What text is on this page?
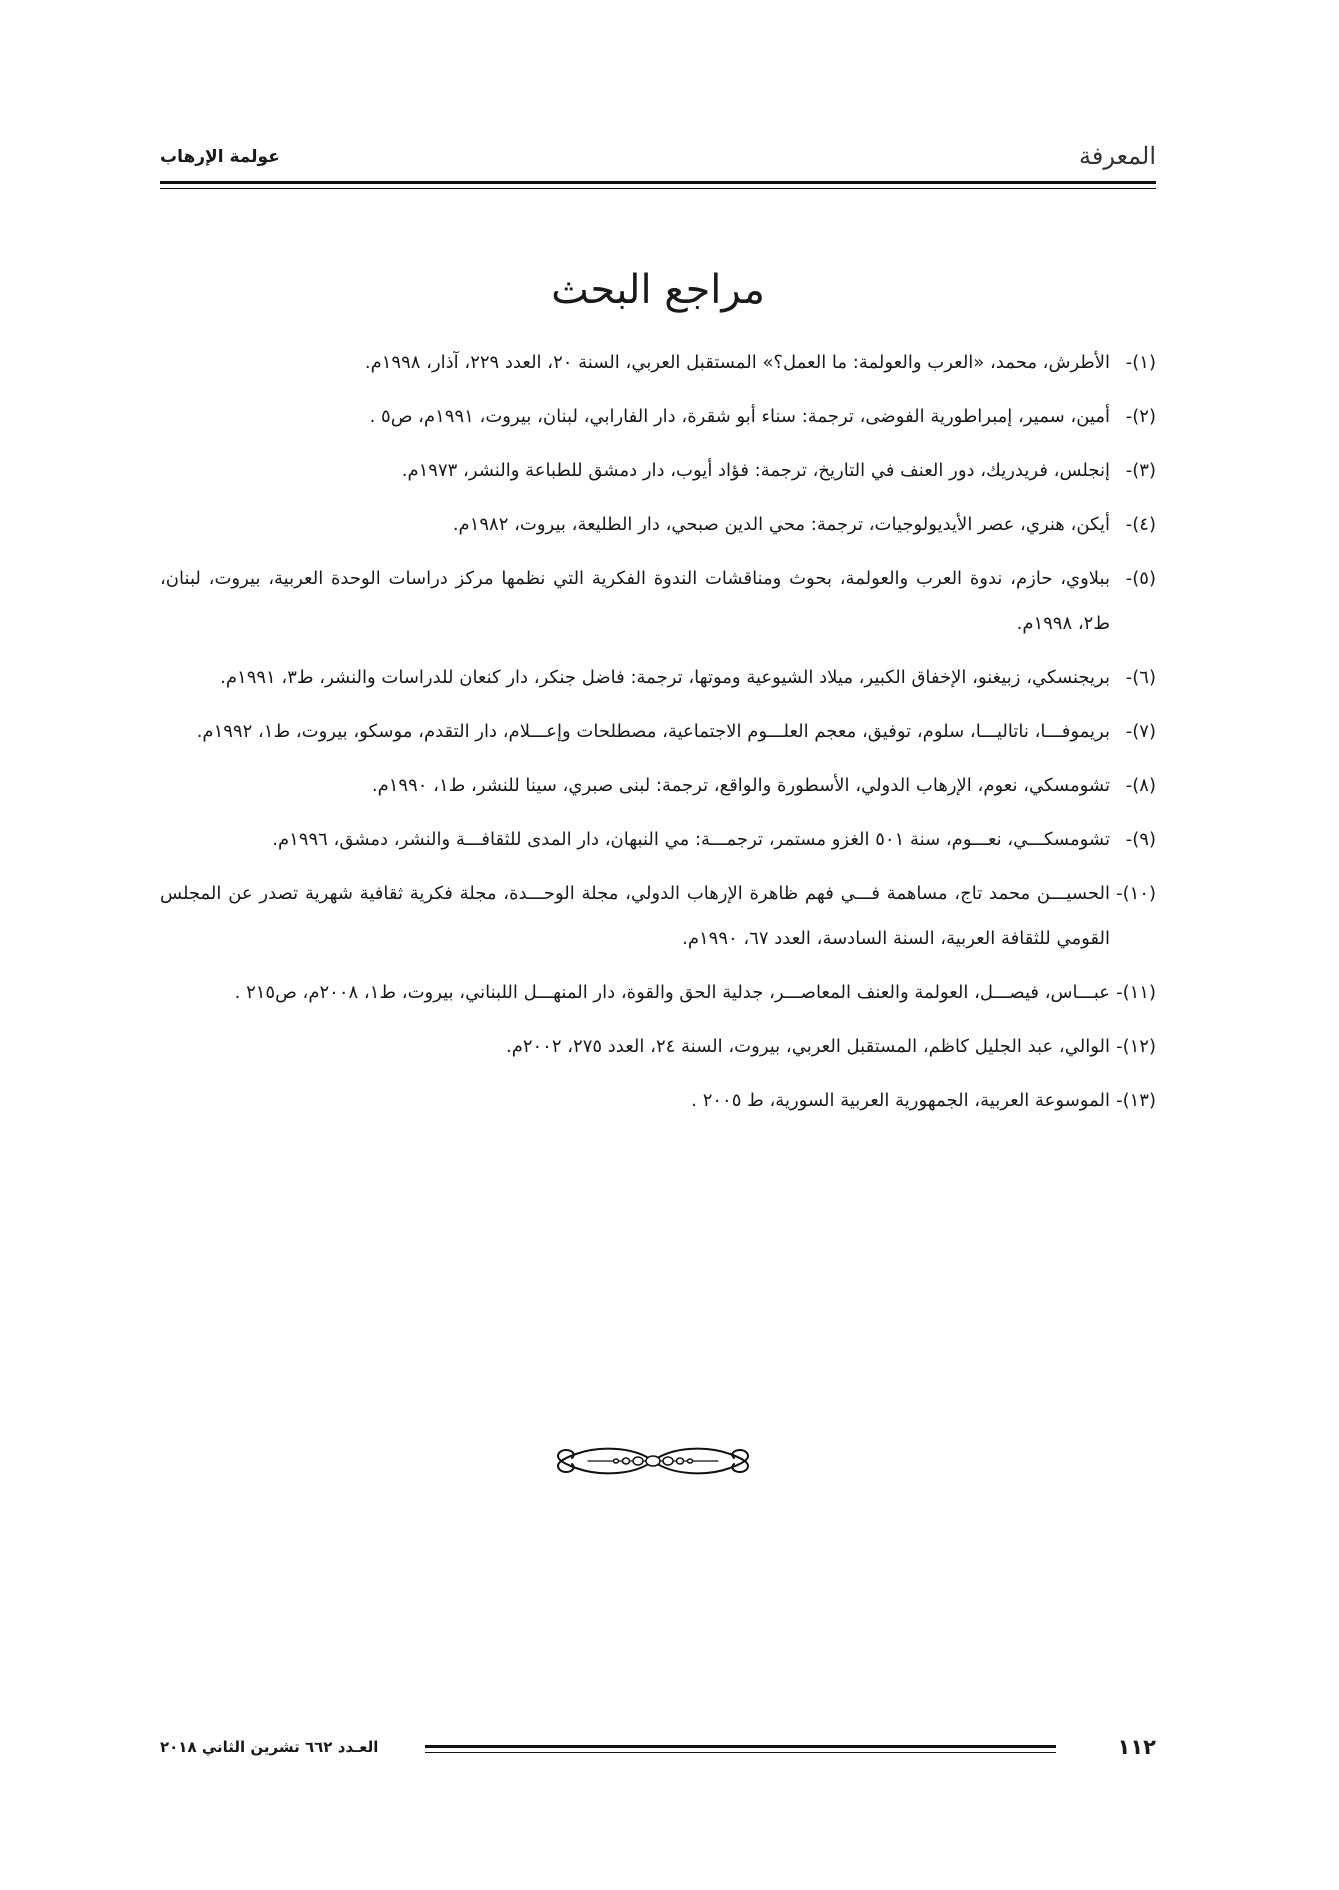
المعرفة
عولمة الإرهاب
مراجع البحث
(١)-
الأطرش، محمد، «العرب والعولمة: ما العمل؟» المستقبل العربي، السنة ٢٠، العدد ٢٢٩، آذار، ١٩٩٨م.
(٢)-
أمين، سمير، إمبراطورية الفوضى، ترجمة: سناء أبو شقرة، دار الفارابي، لبنان، بيروت، ١٩٩١م، ص٥ .
(٣)-
إنجلس، فريدريك، دور العنف في التاريخ، ترجمة: فؤاد أيوب، دار دمشق للطباعة والنشر، ١٩٧٣م.
(٤)-
أيكن، هنري، عصر الأيديولوجيات، ترجمة: محي الدين صبحي، دار الطليعة، بيروت، ١٩٨٢م.
(٥)-
ببلاوي، حازم، ندوة العرب والعولمة، بحوث ومناقشات الندوة الفكرية التي نظمها مركز دراسات الوحدة العربية، بيروت، لبنان، ط٢، ١٩٩٨م.
(٦)-
بريجنسكي، زبيغنو، الإخفاق الكبير، ميلاد الشيوعية وموتها، ترجمة: فاضل جنكر، دار كنعان للدراسات والنشر، ط٣، ١٩٩١م.
(٧)-
بريموفـــا، ناتاليـــا، سلوم، توفيق، معجم العلـــوم الاجتماعية، مصطلحات وإعـــلام، دار التقدم، موسكو، بيروت، ط١، ١٩٩٢م.
(٨)-
تشومسكي، نعوم، الإرهاب الدولي، الأسطورة والواقع، ترجمة: لبنى صبري، سينا للنشر، ط١، ١٩٩٠م.
(٩)-
تشومسكـــي، نعـــوم، سنة ٥٠١ الغزو مستمر، ترجمـــة: مي النبهان، دار المدى للثقافـــة والنشر، دمشق، ١٩٩٦م.
(١٠)-
الحسيـــن محمد تاج، مساهمة فـــي فهم ظاهرة الإرهاب الدولي، مجلة الوحـــدة، مجلة فكرية ثقافية شهرية تصدر عن المجلس القومي للثقافة العربية، السنة السادسة، العدد ٦٧، ١٩٩٠م.
(١١)-
عبـــاس، فيصـــل، العولمة والعنف المعاصـــر، جدلية الحق والقوة، دار المنهـــل اللبناني، بيروت، ط١، ٢٠٠٨م، ص٢١٥ .
(١٢)-
الوالي، عبد الجليل كاظم، المستقبل العربي، بيروت، السنة ٢٤، العدد ٢٧٥، ٢٠٠٢م.
(١٣)-
الموسوعة العربية، الجمهورية العربية السورية، ط ٢٠٠٥ .
١١٢
العـدد ٦٦٢ تشرين الثاني ٢٠١٨
